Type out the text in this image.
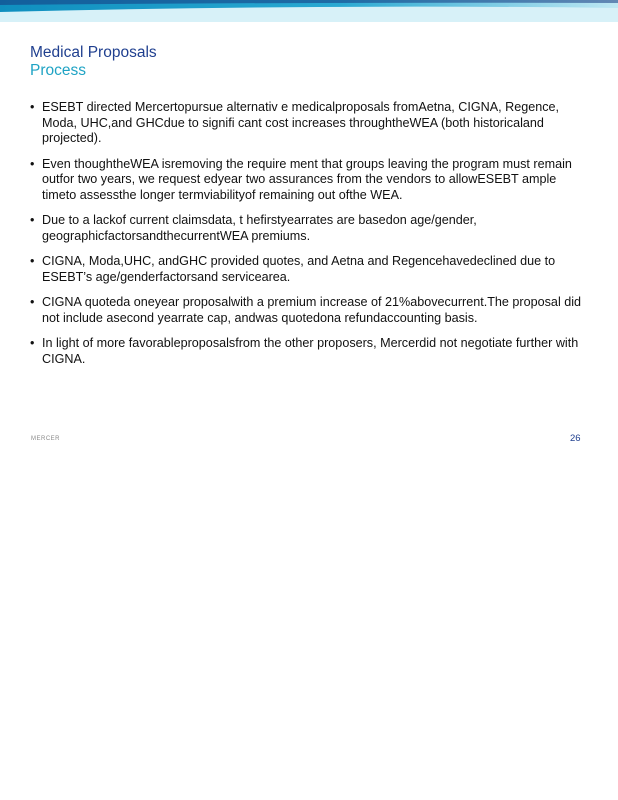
Medical Proposals
Process
• ESEBT directed Mercertopursue alternativ e medicalproposals fromAetna, CIGNA, Regence, Moda, UHC,and GHCdue to signifi cant cost increases throughtheWEA (both historicaland projected).
• Even thoughtheWEA isremoving the require ment that groups leaving the program must remain outfor two years, we request edyear two assurances from the vendors to allowESEBT ample timeto assessthe longer termviabilityof remaining out ofthe WEA.
• Due to a lackof current claimsdata, t hefirstyearrates are basedon age/gender, geographicfactorsandthecurrentWEA premiums.
• CIGNA, Moda,UHC, andGHC provided quotes, and Aetna and Regencehavedeclined due to ESEBT’s age/genderfactorsand servicearea.
• CIGNA quoteda oneyear proposalwith a premium increase of 21%abovecurrent.The proposal did not include asecond yearrate cap, andwas quotedona refundaccounting basis.
• In light of more favorableproposalsfrom the other proposers, Mercerdid not negotiate further with CIGNA.
MERCER	26
